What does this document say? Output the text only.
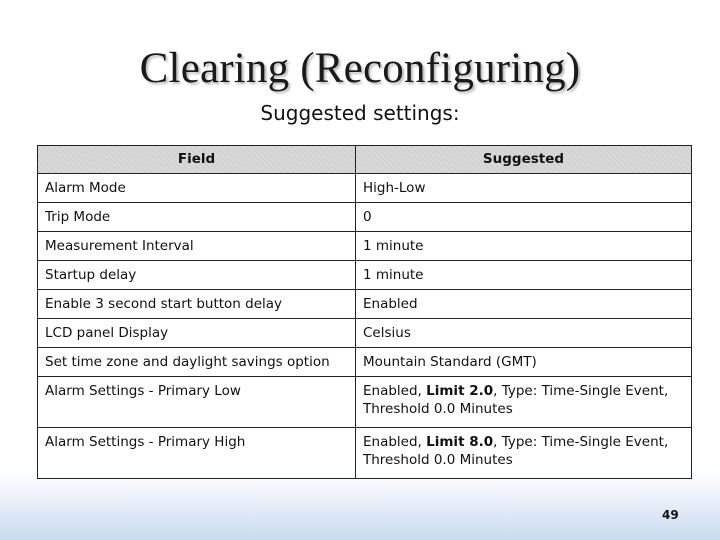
Clearing (Reconfiguring)
Suggested settings:
Field	Suggested
Alarm Mode	High-Low
Trip Mode	0
Measurement Interval	1 minute
Startup delay	1 minute
Enable 3 second start button delay	Enabled
LCD panel Display	Celsius
Set time zone and daylight savings option	Mountain Standard (GMT)
Alarm Settings - Primary Low	Enabled, Limit 2.0, Type: Time-Single Event, Threshold 0.0 Minutes
Alarm Settings - Primary High	Enabled, Limit 8.0, Type: Time-Single Event, Threshold 0.0 Minutes
49
